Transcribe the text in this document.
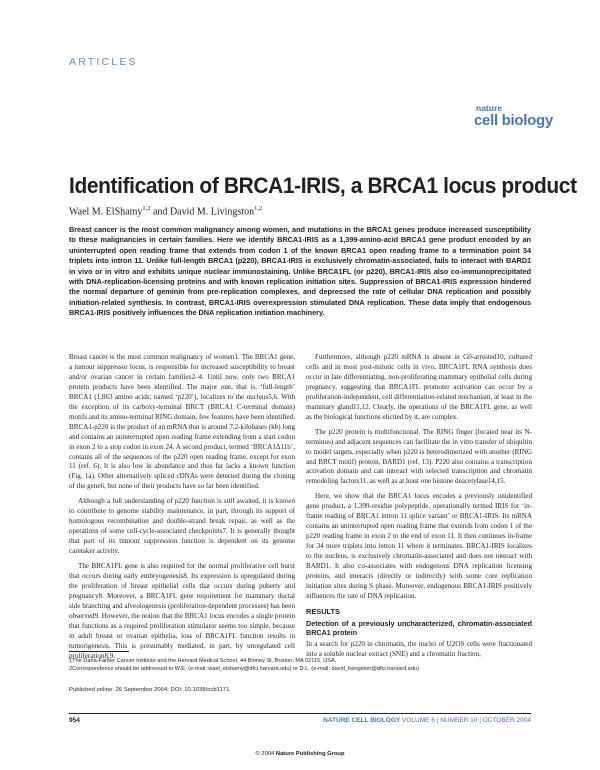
ARTICLES
nature
cell biology
Identification of BRCA1-IRIS, a BRCA1 locus product
Wael M. ElShamy$^{1,2}$ and David M. Livingston$^{1,2}$
Breast cancer is the most common malignancy among women, and mutations in the BRCA1 genes produce increased susceptibility to these malignancies in certain families. Here we identify BRCA1-IRIS as a 1,399-amino-acid BRCA1 gene product encoded by an uninterrupted open reading frame that extends from codon 1 of the known BRCA1 open reading frame to a termination point 34 triplets into intron 11. Unlike full-length BRCA1 (p220), BRCA1-IRIS is exclusively chromatin-associated, fails to interact with BARD1 in vivo or in vitro and exhibits unique nuclear immunostaining. Unlike BRCA1FL (or p220), BRCA1-IRIS also co-immunoprecipitated with DNA-replication-licensing proteins and with known replication initiation sites. Suppression of BRCA1-IRIS expression hindered the normal departure of geminin from pre-replication complexes, and depressed the rate of cellular DNA replication and possibly initiation-related synthesis. In contrast, BRCA1-IRIS overexpression stimulated DNA replication. These data imply that endogenous BRCA1-IRIS positively influences the DNA replication initiation machinery.

Breast cancer is the most common malignancy of women1. The BRCA1 gene, a tumour suppressor locus, is responsible for increased susceptibility to breast and/or ovarian cancer in certain families2–4. Until now, only two BRCA1 protein products have been identified. The major one, that is, ‘full-length’ BRCA1 (1,863 amino acids; named ‘p220’), localizes to the nucleus5,6. With the exception of its carboxy-terminal BRCT (BRCA1 C-terminal domain) motifs and its amino-terminal RING domain, few features have been identified. BRCA1-p220 is the product of an mRNA that is around 7.2-kilobases (kb) long and contains an uninterrupted open reading frame extending from a start codon in exon 2 to a stop codon in exon 24. A second product, termed ‘BRCA1Δ11b’, contains all of the sequences of the p220 open reading frame, except for exon 11 (ref. 6). It is also low in abundance and thus far lacks a known function (Fig. 1a). Other alternatively spliced cDNAs were detected during the cloning of the gene6, but none of their products have so far been identified.

Although a full understanding of p220 function is still awaited, it is known to contribute to genome stability maintenance, in part, through its support of homologous recombination and double-strand break repair, as well as the operations of some cell-cycle-associated checkpoints7. It is generally thought that part of its tumour suppression function is dependent on its genome caretaker activity.

The BRCA1FL gene is also required for the normal proliferative cell burst that occurs during early embryogenesis8. Its expression is upregulated during the proliferation of breast epithelial cells that occurs during puberty and pregnancy8. Moreover, a BRCA1FL gene requirement for mammary ductal side branching and alveologenesis (proliferation-dependent processes) has been observed9. However, the notion that the BRCA1 locus encodes a single protein that functions as a required proliferation stimulator seems too simple, because in adult breast or ovarian epithelia, loss of BRCA1FL function results in tumorigenesis. This is presumably mediated, in part, by unregulated cell proliferation8,9.

Furthermore, although p220 mRNA is absent in G0-arrested10, cultured cells and in most post-mitotic cells in vivo, BRCA1FL RNA synthesis does occur in late differentiating, non-proliferating mammary epithelial cells during pregnancy, suggesting that BRCA1FL promoter activation can occur by a proliferation-independent, cell differentiation-related mechanism, at least in the mammary gland11,12. Clearly, the operations of the BRCA1FL gene, as well as the biological functions elicited by it, are complex.

The p220 protein is multifunctional. The RING finger (located near its N-terminus) and adjacent sequences can facilitate the in vitro transfer of ubiquitin to model targets, especially when p220 is heterodimerized with another (RING and BRCT motif) protein, BARD1 (ref. 13). P220 also contains a transcription activation domain and can interact with selected transcription and chromatin remodeling factors11, as well as at least one histone deacetylase14,15.

Here, we show that the BRCA1 locus encodes a previously unidentified gene product, a 1,399-residue polypeptide, operationally termed IRIS for ‘in-frame reading of BRCA1 intron 11 splice variant’ or BRCA1-IRIS. Its mRNA contains an uninterrupted open reading frame that extends from codon 1 of the p220 reading frame in exon 2 to the end of exon 11. It then continues in-frame for 34 more triplets into intron 11 where it terminates. BRCA1-IRIS localizes to the nucleus, is exclusively chromatin-associated and does not interact with BARD1. It also co-associates with endogenous DNA replication licensing proteins, and interacts (directly or indirectly) with some core replication initiation sites during S phase. Moreover, endogenous BRCA1-IRIS positively influences the rate of DNA replication.

RESULTS
Detection of a previously uncharacterized, chromatin-associated BRCA1 protein

In a search for p220 in chromatin, the nuclei of U2OS cells were fractionated into a soluble nuclear extract (SNE) and a chromatin fraction,

1The Dana-Farber Cancer Institute and the Harvard Medical School, 44 Binney St, Boston, MA 02115, USA.
2Correspondence should be addressed to W.E. (e-mail: wael_elshamy@dfci.harvard.edu) or D.L. (e-mail: david_livingston@dfci.harvard.edu)
Published online: 26 September 2004; DOI: 10.1038/ncb1171
954	NATURE CELL BIOLOGY VOLUME 6 | NUMBER 10 | OCTOBER 2004
© 2004 Nature Publishing Group
